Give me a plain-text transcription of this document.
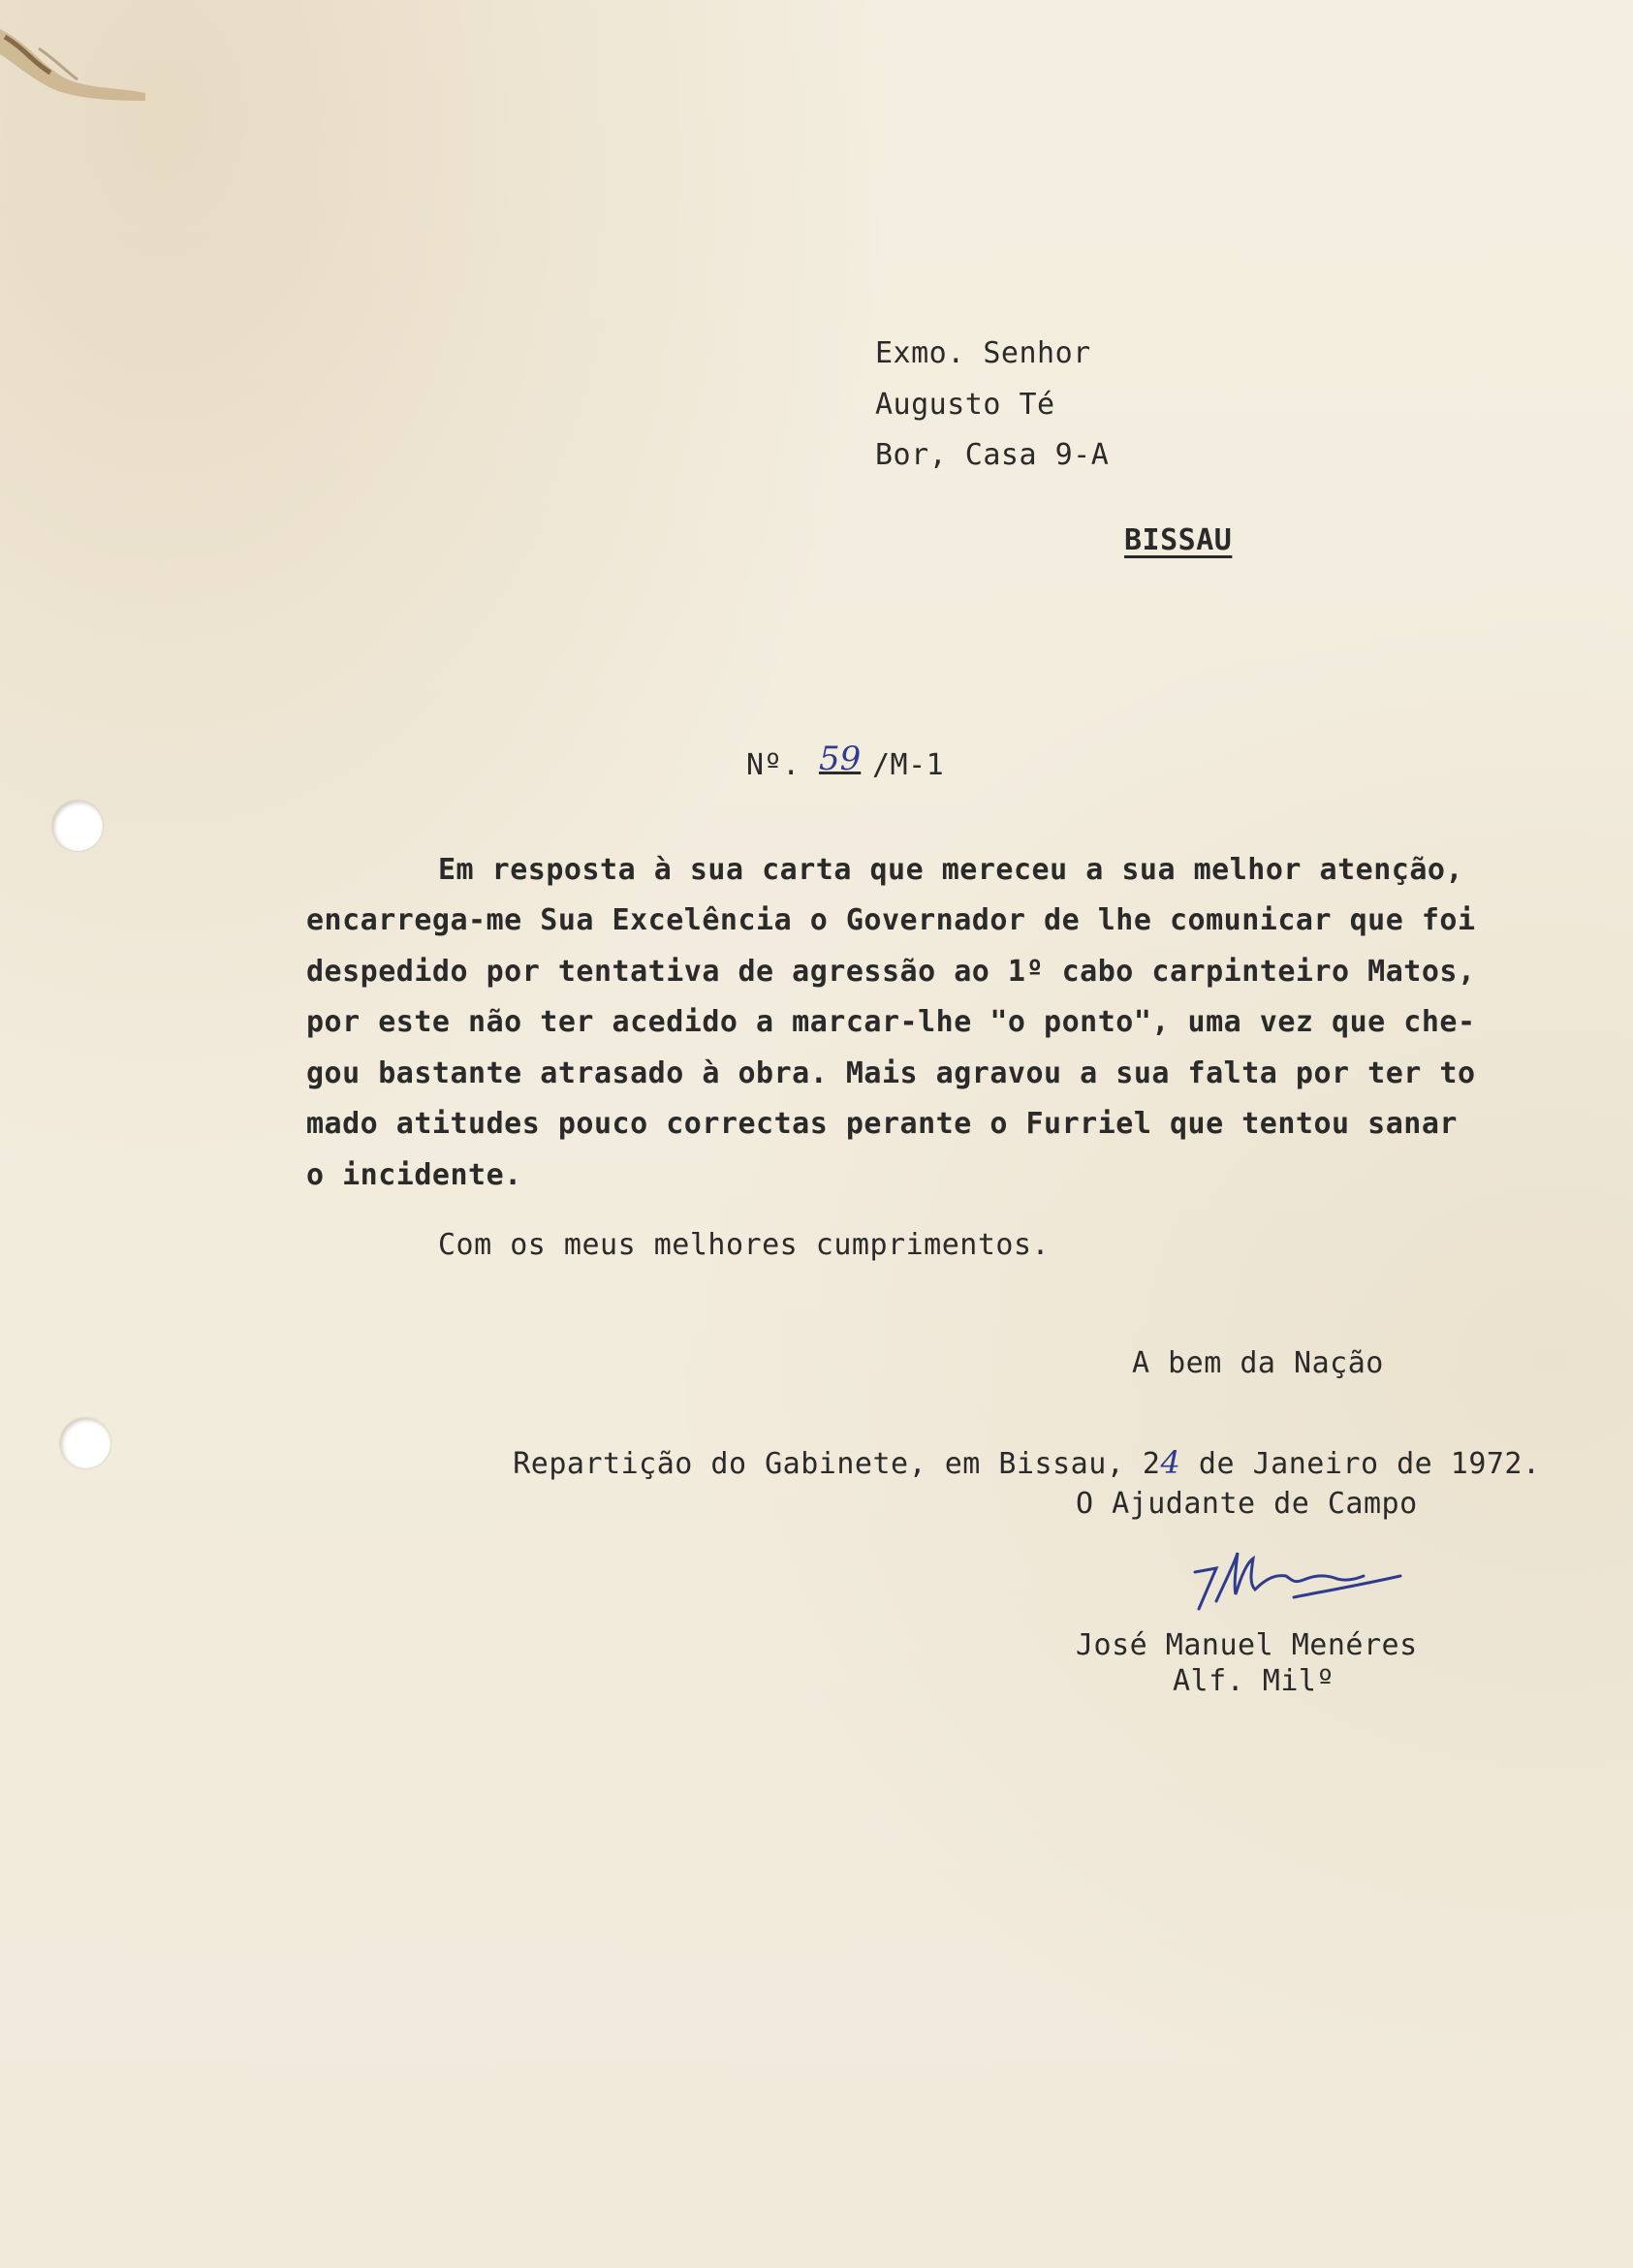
Exmo. Senhor
Augusto Té
Bor, Casa 9-A
BISSAU
Nº. 59 /M-1
Em resposta à sua carta que mereceu a sua melhor atenção,
encarrega-me Sua Excelência o Governador de lhe comunicar que foi
despedido por tentativa de agressão ao 1º cabo carpinteiro Matos,
por este não ter acedido a marcar-lhe "o ponto", uma vez que che-
gou bastante atrasado à obra. Mais agravou a sua falta por ter to
mado atitudes pouco correctas perante o Furriel que tentou sanar
o incidente.
Com os meus melhores cumprimentos.
A bem da Nação

Repartição do Gabinete, em Bissau, 24 de Janeiro de 1972.

O Ajudante de Campo
José Manuel Menéres
Alf. Milº
